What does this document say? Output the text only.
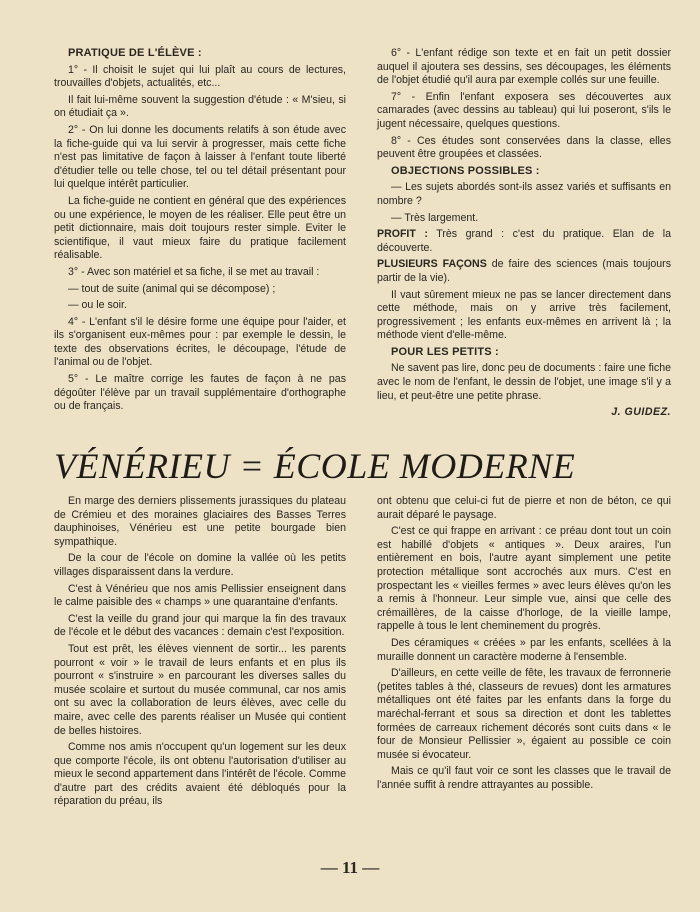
PRATIQUE DE L'ÉLÈVE :

1° - Il choisit le sujet qui lui plaît au cours de lectures, trouvailles d'objets, actualités, etc...

Il fait lui-même souvent la suggestion d'étude : « M'sieu, si on étudiait ça ».

2° - On lui donne les documents relatifs à son étude avec la fiche-guide qui va lui servir à progresser, mais cette fiche n'est pas limitative de façon à laisser à l'enfant toute liberté d'étudier telle ou telle chose, tel ou tel détail présentant pour lui quelque intérêt particulier.

La fiche-guide ne contient en général que des expériences ou une expérience, le moyen de les réaliser. Elle peut être un petit dictionnaire, mais doit toujours rester simple. Eviter le scientifique, il vaut mieux faire du pratique facilement réalisable.

3° - Avec son matériel et sa fiche, il se met au travail :

— tout de suite (animal qui se décompose) ;

— ou le soir.

4° - L'enfant s'il le désire forme une équipe pour l'aider, et ils s'organisent eux-mêmes pour : par exemple le dessin, le texte des observations écrites, le découpage, l'étude de l'animal ou de l'objet.

5° - Le maître corrige les fautes de façon à ne pas dégoûter l'élève par un travail supplémentaire d'orthographe ou de français.

6° - L'enfant rédige son texte et en fait un petit dossier auquel il ajoutera ses dessins, ses découpages, les éléments de l'objet étudié qu'il aura par exemple collés sur une feuille.

7° - Enfin l'enfant exposera ses découvertes aux camarades (avec dessins au tableau) qui lui poseront, s'ils le jugent nécessaire, quelques questions.

8° - Ces études sont conservées dans la classe, elles peuvent être groupées et classées.

OBJECTIONS POSSIBLES :

— Les sujets abordés sont-ils assez variés et suffisants en nombre ?

— Très largement.

PROFIT : Très grand : c'est du pratique. Elan de la découverte.

PLUSIEURS FAÇONS de faire des sciences (mais toujours partir de la vie).

Il vaut sûrement mieux ne pas se lancer directement dans cette méthode, mais on y arrive très facilement, progressivement ; les enfants eux-mêmes en arrivent là ; la méthode vient d'elle-même.

POUR LES PETITS :

Ne savent pas lire, donc peu de documents : faire une fiche avec le nom de l'enfant, le dessin de l'objet, une image s'il y a lieu, et peut-être une petite phrase.

J. GUIDEZ.

VÉNÉRIEU = ÉCOLE MODERNE

En marge des derniers plissements jurassiques du plateau de Crémieu et des moraines glaciaires des Basses Terres dauphinoises, Vénérieu est une petite bourgade bien sympathique.

De la cour de l'école on domine la vallée où les petits villages disparaissent dans la verdure.

C'est à Vénérieu que nos amis Pellissier enseignent dans le calme paisible des « champs » une quarantaine d'enfants.

C'est la veille du grand jour qui marque la fin des travaux de l'école et le début des vacances : demain c'est l'exposition.

Tout est prêt, les élèves viennent de sortir... les parents pourront « voir » le travail de leurs enfants et en plus ils pourront « s'instruire » en parcourant les diverses salles du musée scolaire et surtout du musée communal, car nos amis ont su avec la collaboration de leurs élèves, avec celle du maire, avec celle des parents réaliser un Musée qui contient de belles histoires.

Comme nos amis n'occupent qu'un logement sur les deux que comporte l'école, ils ont obtenu l'autorisation d'utiliser au mieux le second appartement dans l'intérêt de l'école. Comme d'autre part des crédits avaient été débloqués pour la réparation du préau, ils

ont obtenu que celui-ci fut de pierre et non de béton, ce qui aurait déparé le paysage.

C'est ce qui frappe en arrivant : ce préau dont tout un coin est habillé d'objets « antiques ». Deux araires, l'un entièrement en bois, l'autre ayant simplement une petite protection métallique sont accrochés aux murs. C'est en prospectant les « vieilles fermes » avec leurs élèves qu'on les a remis à l'honneur. Leur simple vue, ainsi que celle des crémaillères, de la caisse d'horloge, de la vieille lampe, rappelle à tous le lent cheminement du progrès.

Des céramiques « créées » par les enfants, scellées à la muraille donnent un caractère moderne à l'ensemble.

D'ailleurs, en cette veille de fête, les travaux de ferronnerie (petites tables à thé, classeurs de revues) dont les armatures métalliques ont été faites par les enfants dans la forge du maréchal-ferrant et sous sa direction et dont les tablettes formées de carreaux richement décorés sont cuits dans « le four de Monsieur Pellissier », égaient au possible ce coin musée si évocateur.

Mais ce qu'il faut voir ce sont les classes que le travail de l'année suffit à rendre attrayantes au possible.

— 11 —
